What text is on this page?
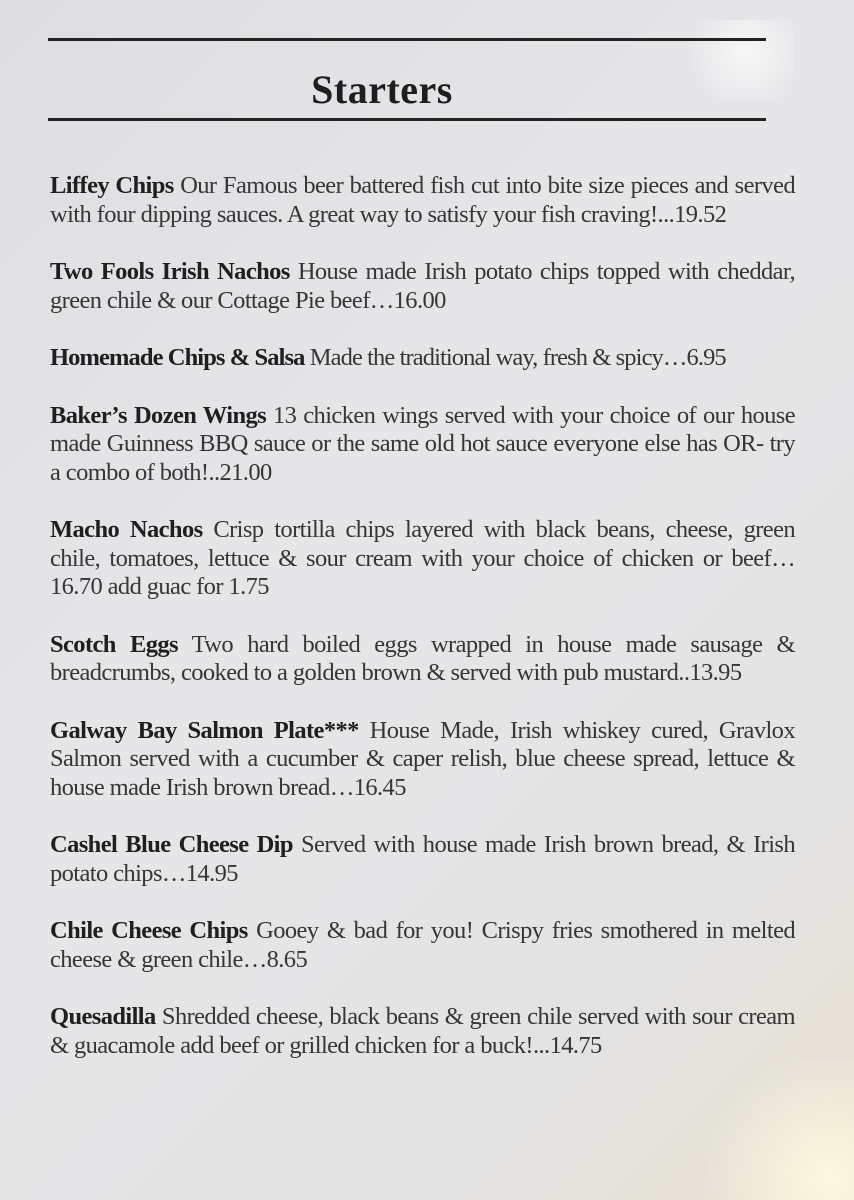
Starters

Liffey Chips Our Famous beer battered fish cut into bite size pieces and served with four dipping sauces. A great way to satisfy your fish craving!...19.52

Two Fools Irish Nachos House made Irish potato chips topped with cheddar, green chile & our Cottage Pie beef…16.00

Homemade Chips & Salsa Made the traditional way, fresh & spicy…6.95

Baker’s Dozen Wings 13 chicken wings served with your choice of our house made Guinness BBQ sauce or the same old hot sauce everyone else has OR- try a combo of both!..21.00

Macho Nachos Crisp tortilla chips layered with black beans, cheese, green chile, tomatoes, lettuce & sour cream with your choice of chicken or beef…16.70 add guac for 1.75

Scotch Eggs Two hard boiled eggs wrapped in house made sausage & breadcrumbs, cooked to a golden brown & served with pub mustard..13.95

Galway Bay Salmon Plate*** House Made, Irish whiskey cured, Gravlox Salmon served with a cucumber & caper relish, blue cheese spread, lettuce & house made Irish brown bread…16.45

Cashel Blue Cheese Dip Served with house made Irish brown bread, & Irish potato chips…14.95

Chile Cheese Chips Gooey & bad for you! Crispy fries smothered in melted cheese & green chile…8.65

Quesadilla Shredded cheese, black beans & green chile served with sour cream & guacamole add beef or grilled chicken for a buck!...14.75
